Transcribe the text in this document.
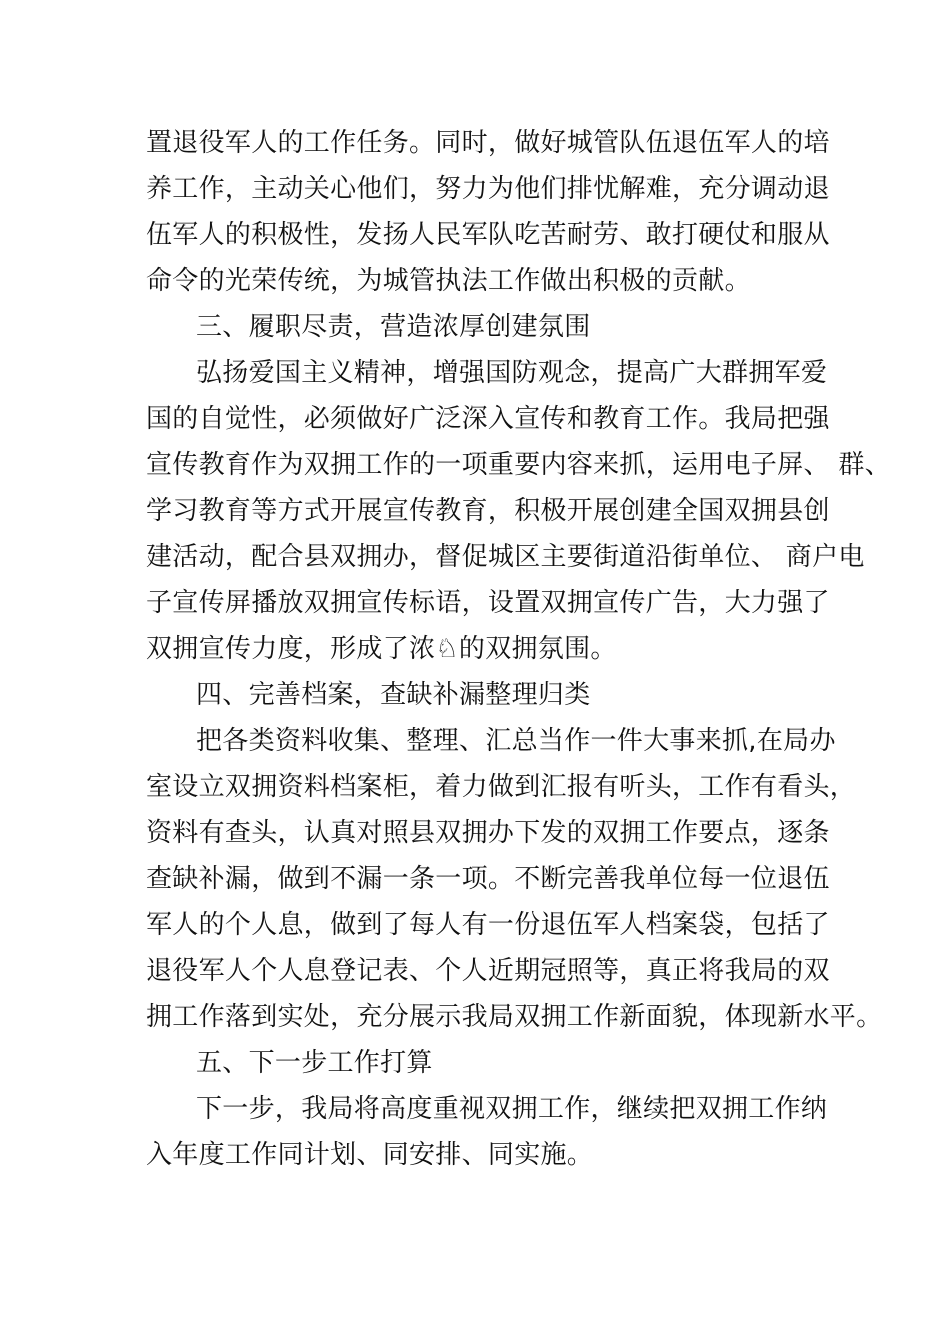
置退役军人的工作任务。同时，做好城管队伍退伍军人的培
养工作，主动关心他们，努力为他们排忧解难，充分调动退
伍军人的积极性，发扬人民军队吃苦耐劳、敢打硬仗和服从
命令的光荣传统，为城管执法工作做出积极的贡献。
三、履职尽责，营造浓厚创建氛围
弘扬爱国主义精神，增强国防观念，提高广大群拥军爱
国的自觉性，必须做好广泛深入宣传和教育工作。我局把强
宣传教育作为双拥工作的一项重要内容来抓，运用电子屏、 群、
学习教育等方式开展宣传教育，积极开展创建全国双拥县创
建活动，配合县双拥办，督促城区主要街道沿街单位、 商户电
子宣传屏播放双拥宣传标语，设置双拥宣传广告，大力强了
双拥宣传力度，形成了浓♘的双拥氛围。
四、完善档案，查缺补漏整理归类
把各类资料收集、整理、汇总当作一件大事来抓,在局办
室设立双拥资料档案柜，着力做到汇报有听头，工作有看头，
资料有查头，认真对照县双拥办下发的双拥工作要点，逐条
查缺补漏，做到不漏一条一项。不断完善我单位每一位退伍
军人的个人息，做到了每人有一份退伍军人档案袋，包括了
退役军人个人息登记表、个人近期冠照等，真正将我局的双
拥工作落到实处，充分展示我局双拥工作新面貌，体现新水平。
五、下一步工作打算
下一步，我局将高度重视双拥工作，继续把双拥工作纳
入年度工作同计划、同安排、同实施。
